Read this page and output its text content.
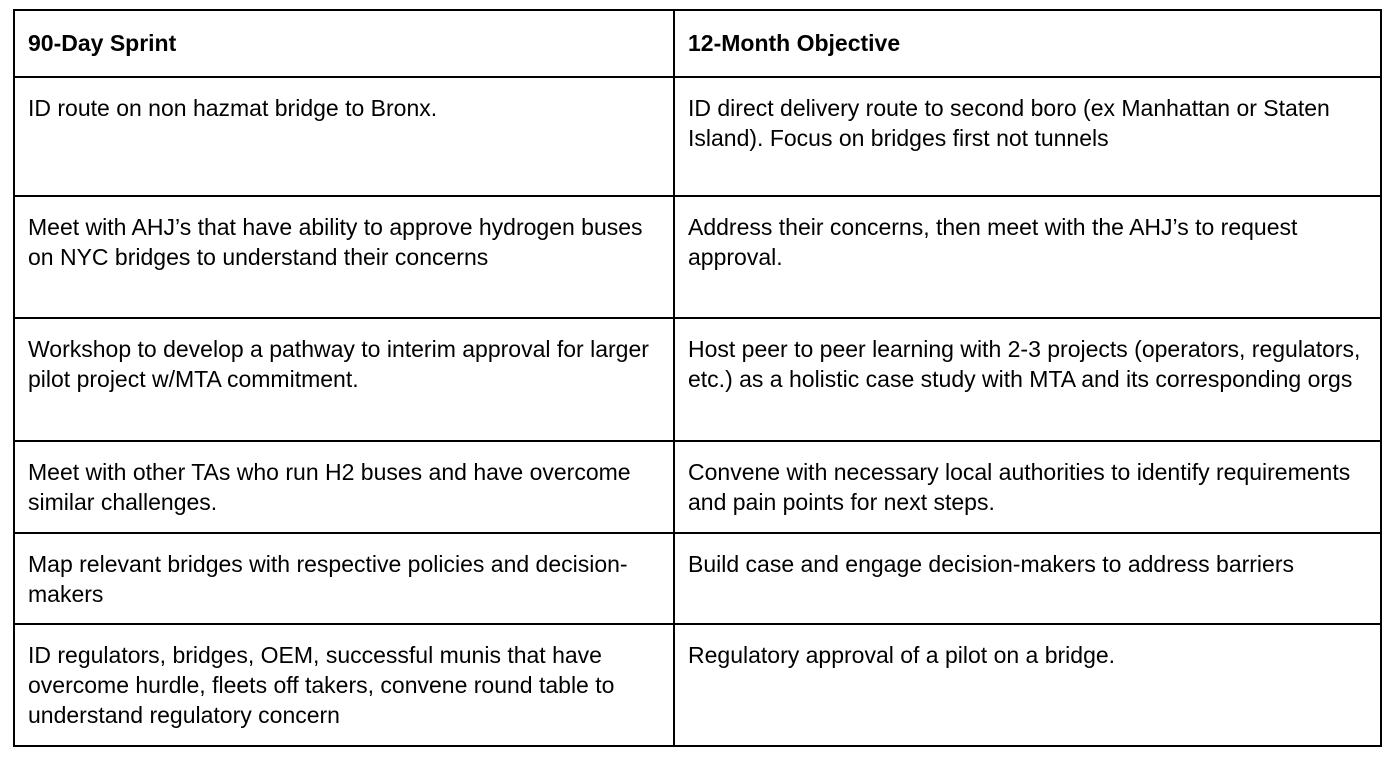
90-Day Sprint	12-Month Objective
ID route on non hazmat bridge to Bronx.	ID direct delivery route to second boro (ex Manhattan or Staten Island). Focus on bridges first not tunnels
Meet with AHJ’s that have ability to approve hydrogen buses on NYC bridges to understand their concerns	Address their concerns, then meet with the AHJ’s to request approval.
Workshop to develop a pathway to interim approval for larger pilot project w/MTA commitment.	Host peer to peer learning with 2-3 projects (operators, regulators, etc.) as a holistic case study with MTA and its corresponding orgs
Meet with other TAs who run H2 buses and have overcome similar challenges.	Convene with necessary local authorities to identify requirements and pain points for next steps.
Map relevant bridges with respective policies and decision-makers	Build case and engage decision-makers to address barriers
ID regulators, bridges, OEM, successful munis that have overcome hurdle, fleets off takers, convene round table to understand regulatory concern	Regulatory approval of a pilot on a bridge.
